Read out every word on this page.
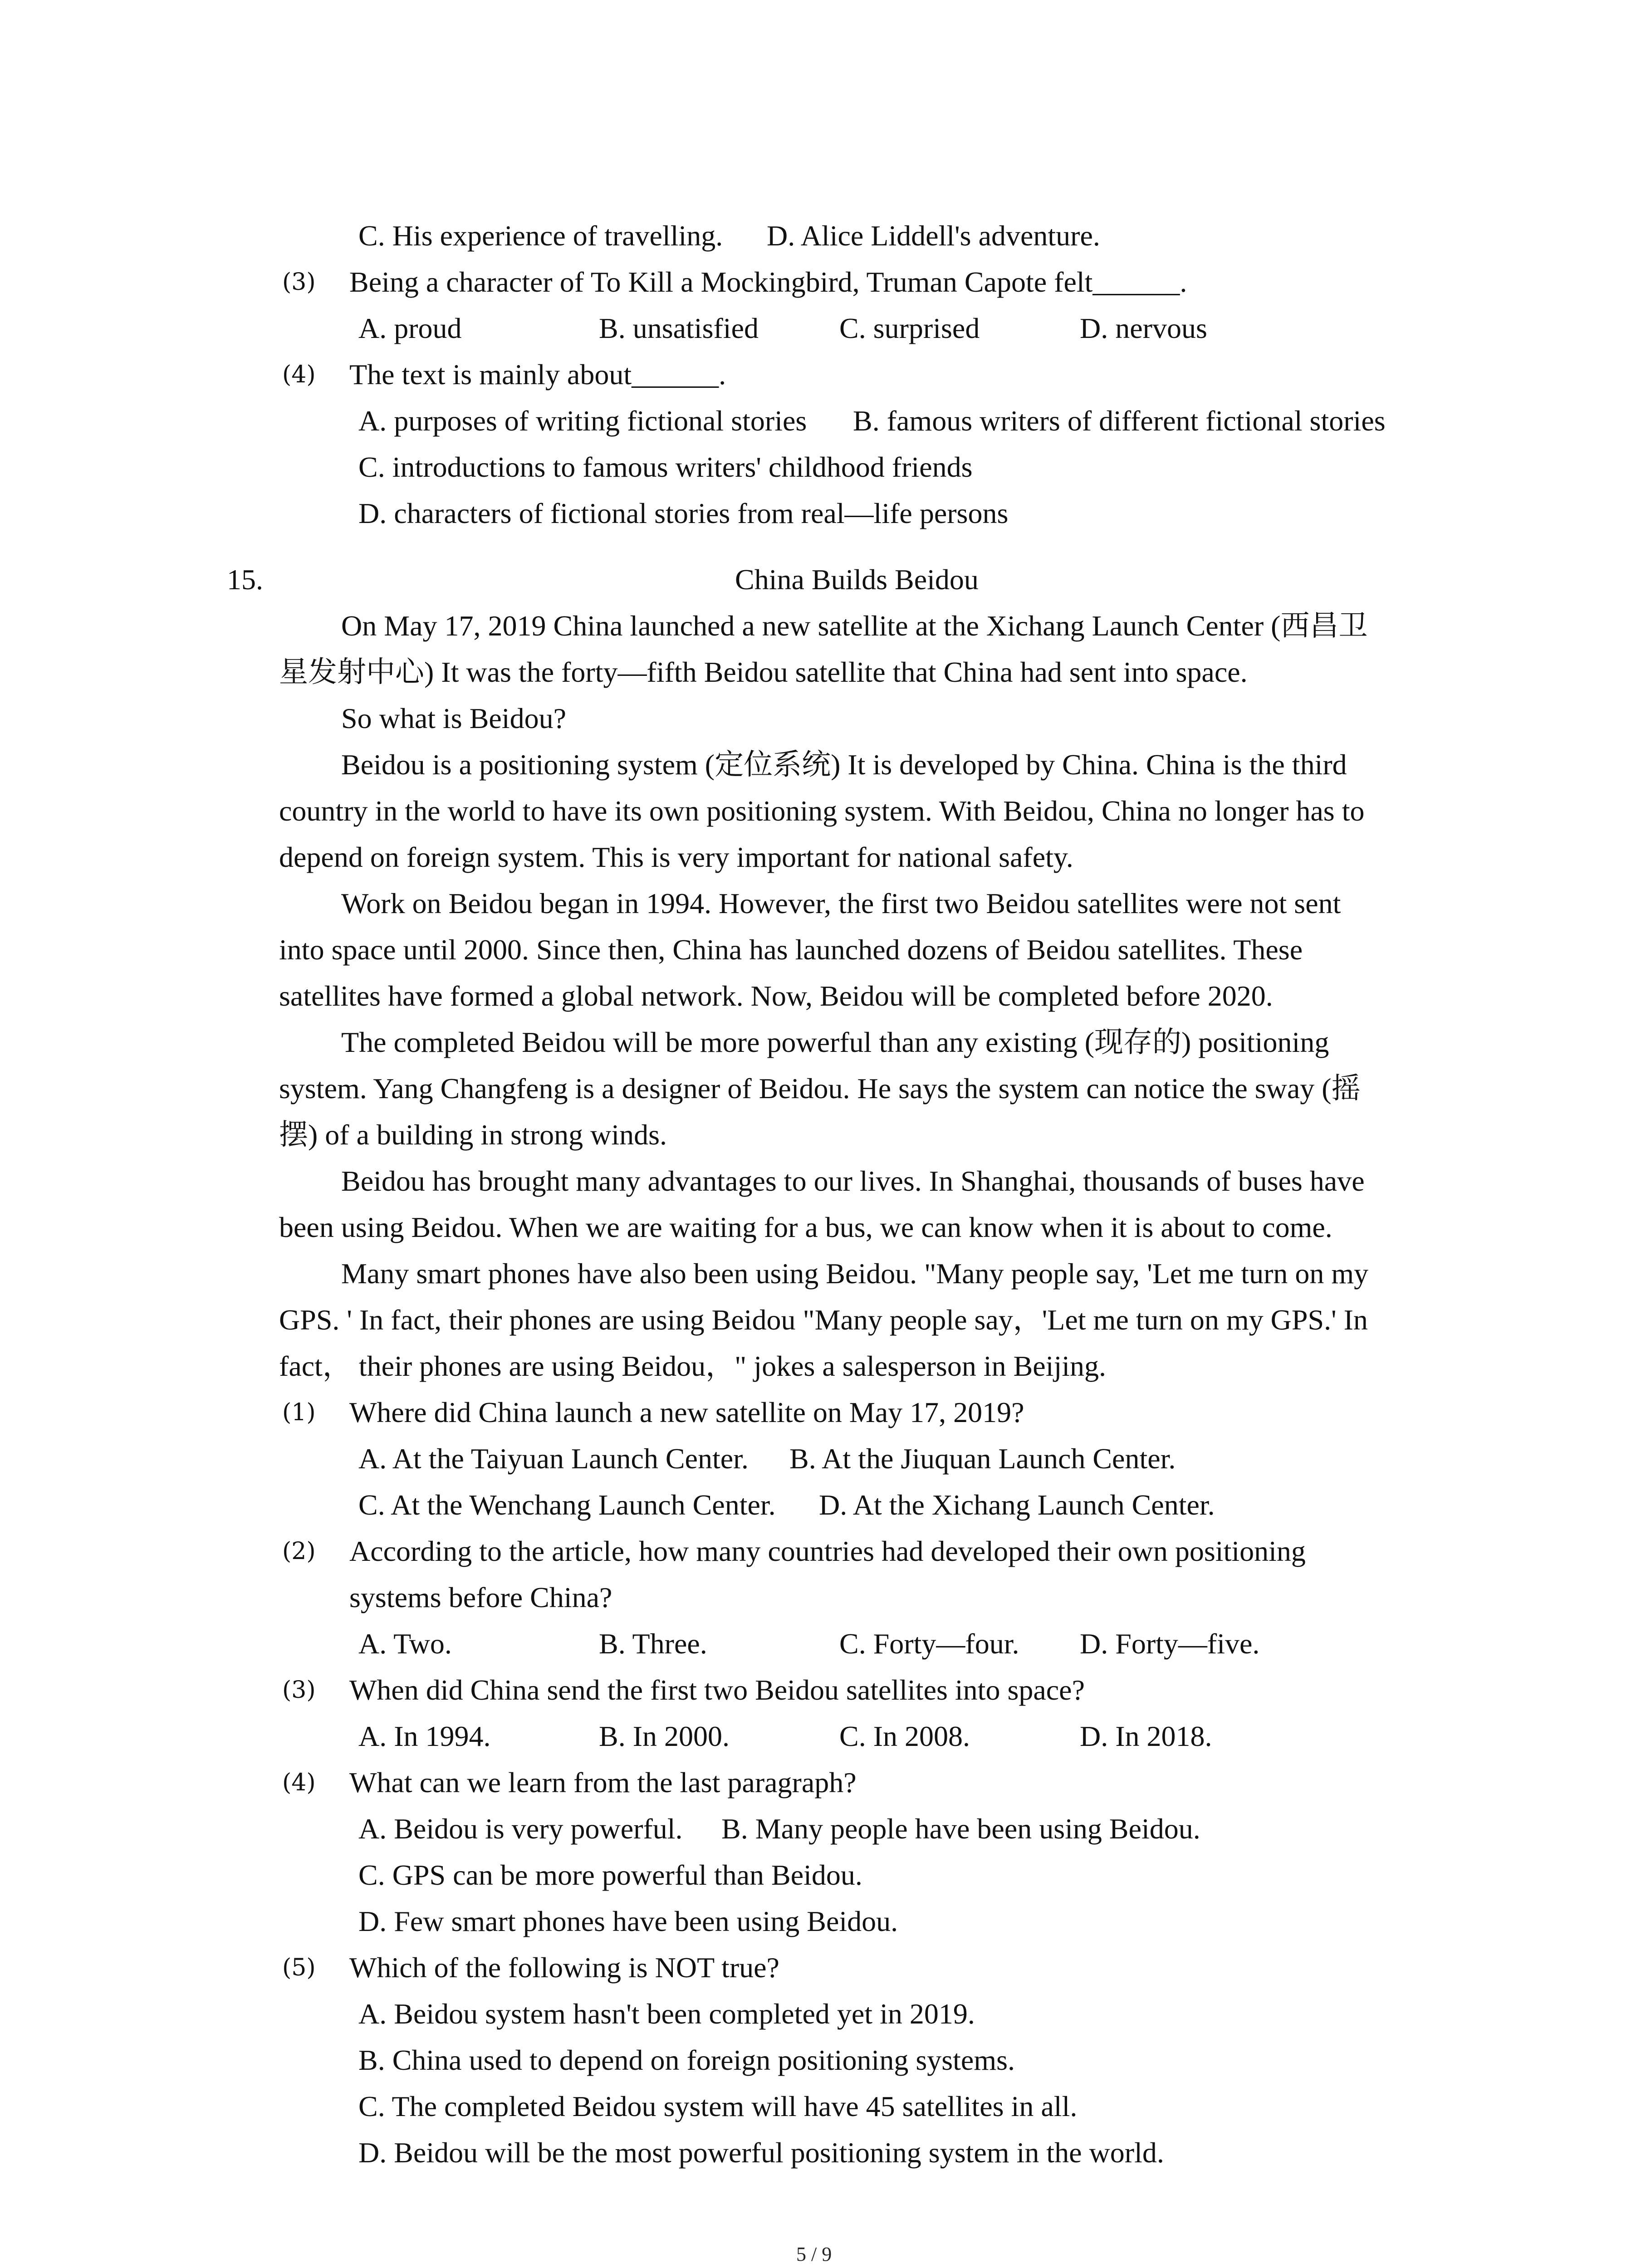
C. His experience of travelling. D. Alice Liddell's adventure.
(3) Being a character of To Kill a Mockingbird, Truman Capote felt______.
A. proud	B. unsatisfied	C. surprised	D. nervous
(4) The text is mainly about______.
A. purposes of writing fictional stories B. famous writers of different fictional stories
C. introductions to famous writers' childhood friends
D. characters of fictional stories from real—life persons
15.	China Builds Beidou
On May 17, 2019 China launched a new satellite at the Xichang Launch Center (西昌卫
星发射中心) It was the forty—fifth Beidou satellite that China had sent into space.
So what is Beidou?
Beidou is a positioning system (定位系统) It is developed by China. China is the third
country in the world to have its own positioning system. With Beidou, China no longer has to
depend on foreign system. This is very important for national safety.
Work on Beidou began in 1994. However, the first two Beidou satellites were not sent
into space until 2000. Since then, China has launched dozens of Beidou satellites. These
satellites have formed a global network. Now, Beidou will be completed before 2020.
The completed Beidou will be more powerful than any existing (现存的) positioning
system. Yang Changfeng is a designer of Beidou. He says the system can notice the sway (摇
摆) of a building in strong winds.
Beidou has brought many advantages to our lives. In Shanghai, thousands of buses have
been using Beidou. When we are waiting for a bus, we can know when it is about to come.
Many smart phones have also been using Beidou. "Many people say, 'Let me turn on my
GPS. ' In fact, their phones are using Beidou "Many people say，'Let me turn on my GPS.' In
fact， their phones are using Beidou，" jokes a salesperson in Beijing.
(1) Where did China launch a new satellite on May 17, 2019?
A. At the Taiyuan Launch Center. B. At the Jiuquan Launch Center.
C. At the Wenchang Launch Center. D. At the Xichang Launch Center.
(2) According to the article, how many countries had developed their own positioning
systems before China?
A. Two.	B. Three.	C. Forty—four. D. Forty—five.
(3) When did China send the first two Beidou satellites into space?
A. In 1994.	B. In 2000.	C. In 2008.	D. In 2018.
(4) What can we learn from the last paragraph?
A. Beidou is very powerful. B. Many people have been using Beidou.
C. GPS can be more powerful than Beidou.
D. Few smart phones have been using Beidou.
(5) Which of the following is NOT true?
A. Beidou system hasn't been completed yet in 2019.
B. China used to depend on foreign positioning systems.
C. The completed Beidou system will have 45 satellites in all.
D. Beidou will be the most powerful positioning system in the world.
5 / 9
